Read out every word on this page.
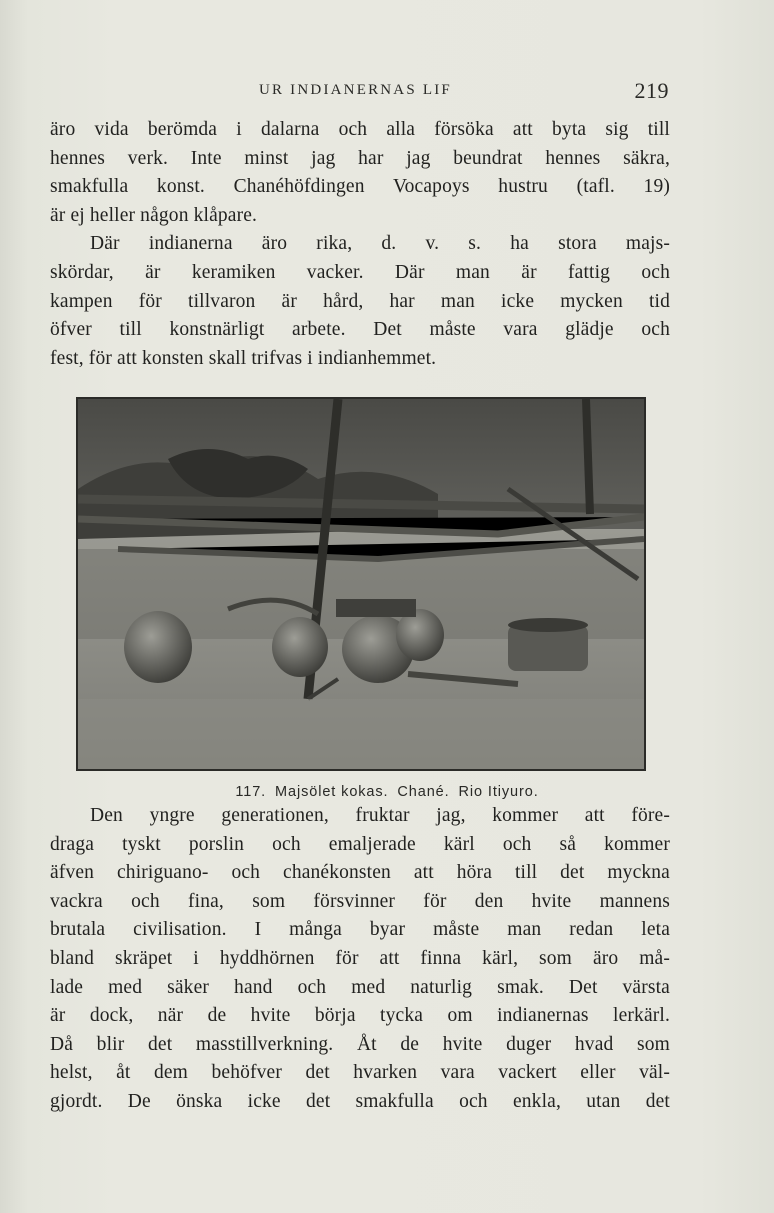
UR INDIANERNAS LIF	219
äro vida berömda i dalarna och alla försöka att byta sig till
hennes verk. Inte minst jag har jag beundrat hennes säkra,
smakfulla konst. Chanéhöfdingen Vocapoys hustru (tafl. 19)
är ej heller någon klåpare.
Där indianerna äro rika, d. v. s. ha stora majs-
skördar, är keramiken vacker. Där man är fattig och
kampen för tillvaron är hård, har man icke mycken tid
öfver till konstnärligt arbete. Det måste vara glädje och
fest, för att konsten skall trifvas i indianhemmet.
117. Majsölet kokas. Chané. Rio Itiyuro.
Den yngre generationen, fruktar jag, kommer att före-
draga tyskt porslin och emaljerade kärl och så kommer
äfven chiriguano- och chanékonsten att höra till det myckna
vackra och fina, som försvinner för den hvite mannens
brutala civilisation. I många byar måste man redan leta
bland skräpet i hyddhörnen för att finna kärl, som äro må-
lade med säker hand och med naturlig smak. Det värsta
är dock, när de hvite börja tycka om indianernas lerkärl.
Då blir det masstillverkning. Åt de hvite duger hvad som
helst, åt dem behöfver det hvarken vara vackert eller väl-
gjordt. De önska icke det smakfulla och enkla, utan det
